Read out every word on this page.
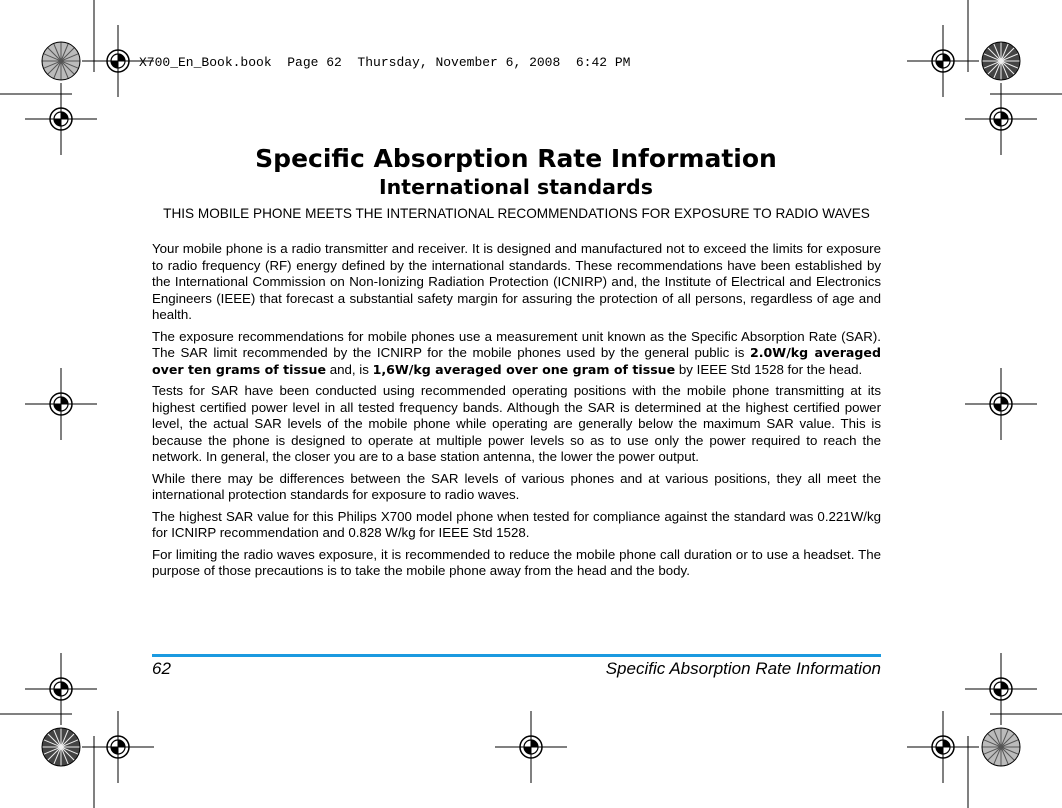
X700_En_Book.book  Page 62  Thursday, November 6, 2008  6:42 PM
Specific Absorption Rate Information
International standards
THIS MOBILE PHONE MEETS THE INTERNATIONAL RECOMMENDATIONS FOR EXPOSURE TO RADIO WAVES

Your mobile phone is a radio transmitter and receiver. It is designed and manufactured not to exceed the limits for exposure to radio frequency (RF) energy defined by the international standards. These recommendations have been established by the International Commission on Non-Ionizing Radiation Protection (ICNIRP) and, the Institute of Electrical and Electronics Engineers (IEEE) that forecast a substantial safety margin for assuring the protection of all persons, regardless of age and health.

The exposure recommendations for mobile phones use a measurement unit known as the Specific Absorption Rate (SAR). The SAR limit recommended by the ICNIRP for the mobile phones used by the general public is 2.0W/kg averaged over ten grams of tissue and, is 1,6W/kg averaged over one gram of tissue by IEEE Std 1528 for the head.

Tests for SAR have been conducted using recommended operating positions with the mobile phone transmitting at its highest certified power level in all tested frequency bands. Although the SAR is determined at the highest certified power level, the actual SAR levels of the mobile phone while operating are generally below the maximum SAR value. This is because the phone is designed to operate at multiple power levels so as to use only the power required to reach the network. In general, the closer you are to a base station antenna, the lower the power output.

While there may be differences between the SAR levels of various phones and at various positions, they all meet the international protection standards for exposure to radio waves.

The highest SAR value for this Philips X700 model phone when tested for compliance against the standard was 0.221W/kg for ICNIRP recommendation and 0.828 W/kg for IEEE Std 1528.

For limiting the radio waves exposure, it is recommended to reduce the mobile phone call duration or to use a headset. The purpose of those precautions is to take the mobile phone away from the head and the body.

62	Specific Absorption Rate Information
